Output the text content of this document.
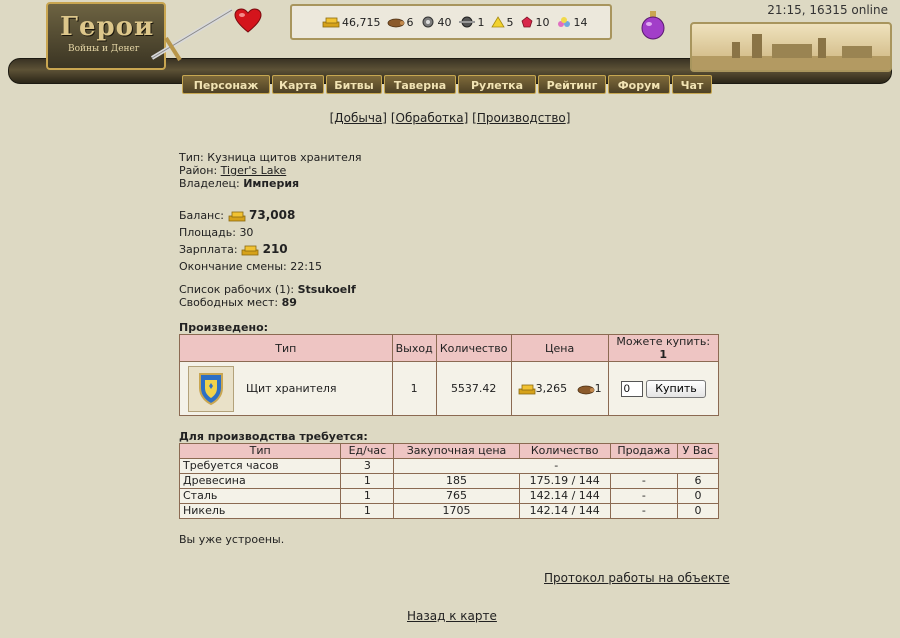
Герои
Войны и Денег
46,715 6 40 1 5 10 14
21:15, 16315 online
Персонаж	Карта	Битвы	Таверна	Рулетка	Рейтинг	Форум	Чат
[Добыча] [Обработка] [Производство]
Тип: Кузница щитов хранителя
Район: Tiger's Lake
Владелец: Империя
Баланс: 73,008
Площадь: 30
Зарплата: 210
Окончание смены: 22:15
Список рабочих (1): Stsukoelf
Свободных мест: 89
Произведено:
Тип	Выход	Количество	Цена	Можете купить: 1

Щит хранителя	1	5537.42	3,265 1	0Купить
Для производства требуется:
Тип	Ед/час	Закупочная цена	Количество	Продажа	У Вас
Требуется часов	3	-			
Древесина	1	185	175.19 / 144	-	6
Сталь	1	765	142.14 / 144	-	0
Никель	1	1705	142.14 / 144	-	0
Вы уже устроены.
Протокол работы на объекте
Назад к карте
